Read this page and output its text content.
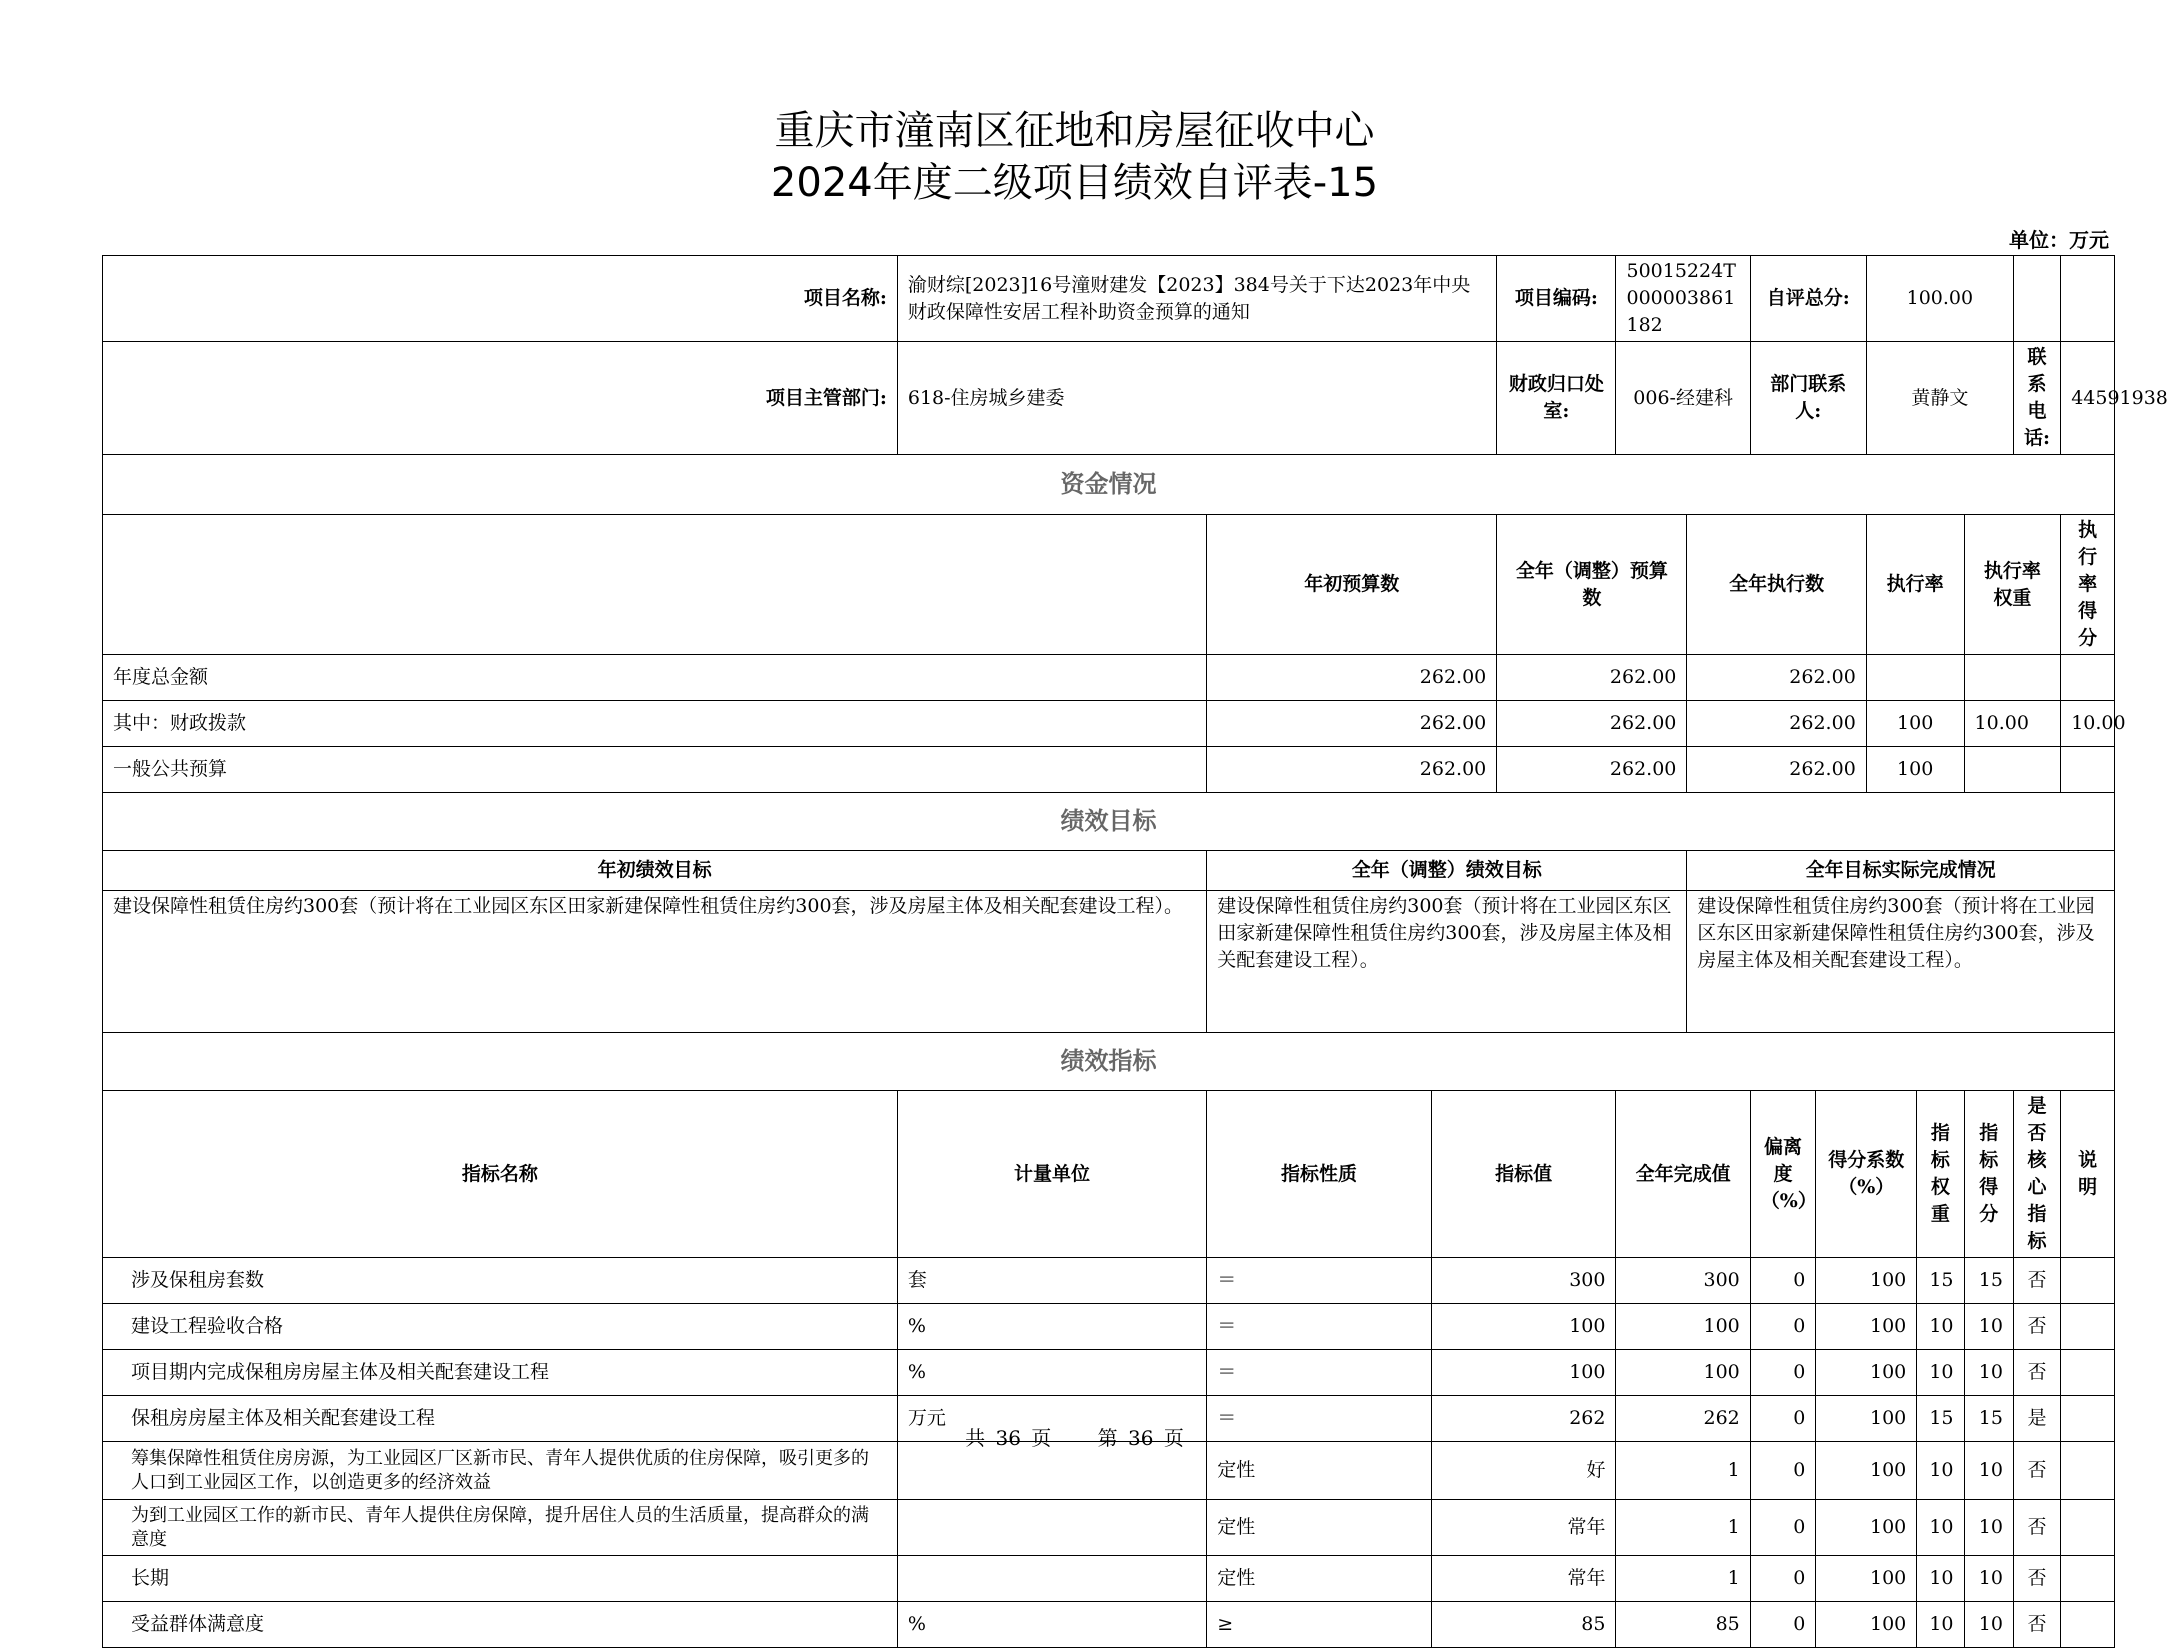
重庆市潼南区征地和房屋征收中心
2024年度二级项目绩效自评表-15
单位：万元
项目名称:	渝财综[2023]16号潼财建发【2023】384号关于下达2023年中央财政保障性安居工程补助资金预算的通知			项目编码:	50015224T000003861182		自评总分:		100.00				
项目主管部门:	618-住房城乡建委			财政归口处室:	006-经建科		部门联系人:		黄静文			联系电话:	44591938
资金情况													
		年初预算数		全年（调整）预算数		全年执行数			执行率		执行率权重		执行率得分
年度总金额		262.00		262.00		262.00							
其中：财政拨款		262.00		262.00		262.00			100		10.00		10.00
一般公共预算		262.00		262.00		262.00			100				
绩效目标													
年初绩效目标		全年（调整）绩效目标				全年目标实际完成情况							
建设保障性租赁住房约300套（预计将在工业园区东区田家新建保障性租赁住房约300套，涉及房屋主体及相关配套建设工程）。		建设保障性租赁住房约300套（预计将在工业园区东区田家新建保障性租赁住房约300套，涉及房屋主体及相关配套建设工程）。				建设保障性租赁住房约300套（预计将在工业园区东区田家新建保障性租赁住房约300套，涉及房屋主体及相关配套建设工程）。							
绩效指标													
指标名称	计量单位	指标性质	指标值		全年完成值		偏离度（%）	得分系数（%）		指标权重	指标得分	是否核心指标	说明
涉及保租房套数	套	＝	300		300		0	100		15	15	否	
建设工程验收合格	%	＝	100		100		0	100		10	10	否	
项目期内完成保租房房屋主体及相关配套建设工程	%	＝	100		100		0	100		10	10	否	
保租房房屋主体及相关配套建设工程	万元	＝	262		262		0	100		15	15	是	
筹集保障性租赁住房房源，为工业园区厂区新市民、青年人提供优质的住房保障，吸引更多的人口到工业园区工作，以创造更多的经济效益		定性	好		1		0	100		10	10	否	
为到工业园区工作的新市民、青年人提供住房保障，提升居住人员的生活质量，提高群众的满意度		定性	常年		1		0	100		10	10	否	
长期		定性	常年		1		0	100		10	10	否	
受益群体满意度	%	≥	85		85		0	100		10	10	否	
共 36 页 第 36 页
